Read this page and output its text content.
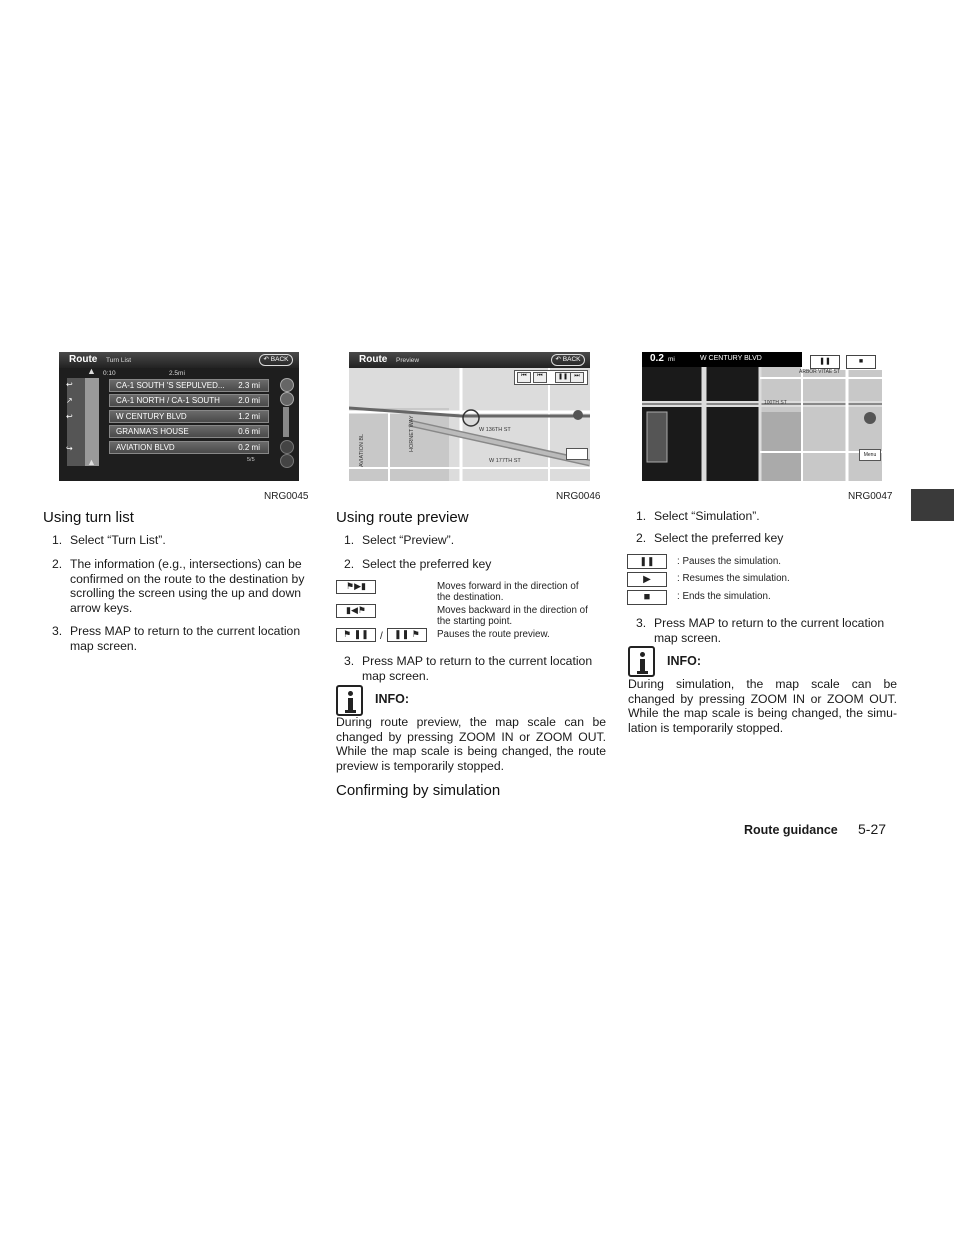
Route Turn List	↶ BACK
0:10	2.5mi
▲
▲
↩
↗
↩
↪
CA-1 SOUTH 'S SEPULVED... 2.3 mi
CA-1 NORTH / CA-1 SOUTH 2.0 mi
W CENTURY BLVD	1.2 mi
GRANMA'S HOUSE	0.6 mi
AVIATION BLVD	0.2 mi
5/5
NRG0045
Route Preview	↶ BACK
⏮	⏮	❚❚	⏭
W 136TH ST
W 177TH ST
HORNET WAY
AVIATION BL
NRG0046
0.2 mi	W CENTURY BLVD	❚❚	■
ARBOR VITAE ST
100TH ST
Menu
NRG0047
Using turn list
1. Select “Turn List”.
2. The information (e.g., intersections) can be
confirmed on the route to the destination by
scrolling the screen using the up and down
arrow keys.
3. Press MAP to return to the current location
map screen.
Using route preview
1. Select “Preview”.
2. Select the preferred key
⚑▶▮	Moves forward in the direction of
the destination.
▮◀⚑	Moves backward in the direction of
the starting point.
⚑ ❚❚	/	❚❚ ⚑	Pauses the route preview.
3. Press MAP to return to the current location
map screen.
INFO:
During route preview, the map scale can be
changed by pressing ZOOM IN or ZOOM OUT.
While the map scale is being changed, the route
preview is temporarily stopped.
Confirming by simulation
1. Select “Simulation”.
2. Select the preferred key
❚❚	: Pauses the simulation.
▶	: Resumes the simulation.
■	: Ends the simulation.
3. Press MAP to return to the current location
map screen.
INFO:
During simulation, the map scale can be
changed by pressing ZOOM IN or ZOOM OUT.
While the map scale is being changed, the simu-
lation is temporarily stopped.
Route guidance 5-27
